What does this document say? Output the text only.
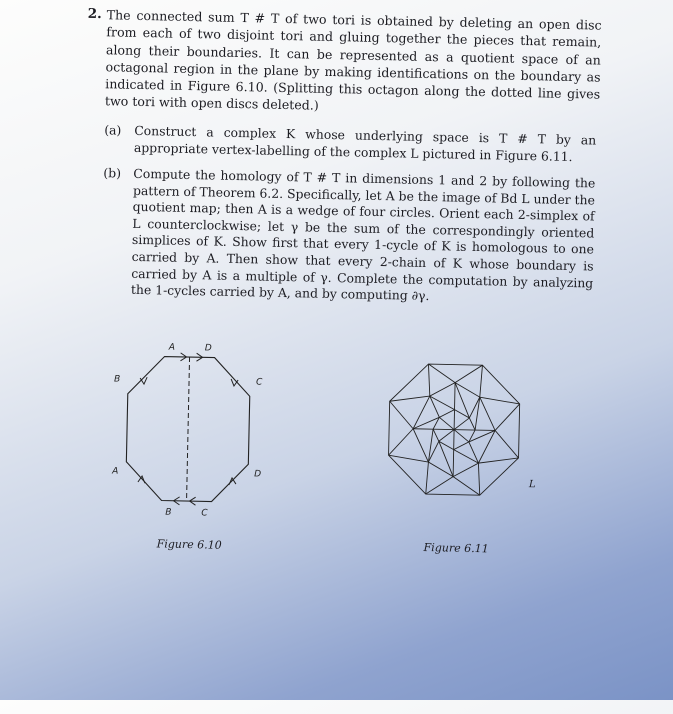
2. The connected sum T # T of two tori is obtained by deleting an open disc from each of two disjoint tori and gluing together the pieces that remain, along their boundaries. It can be represented as a quotient space of an octagonal region in the plane by making identifications on the boundary as indicated in Figure 6.10. (Splitting this octagon along the dotted line gives two tori with open discs deleted.)
(a) Construct a complex K whose underlying space is T # T by an appropriate vertex-labelling of the complex L pictured in Figure 6.11.
(b) Compute the homology of T # T in dimensions 1 and 2 by following the pattern of Theorem 6.2. Specifically, let A be the image of Bd L under the quotient map; then A is a wedge of four circles. Orient each 2-simplex of L counterclockwise; let γ be the sum of the correspondingly oriented simplices of K. Show first that every 1-cycle of K is homologous to one carried by A. Then show that every 2-chain of K whose boundary is carried by A is a multiple of γ. Complete the computation by analyzing the 1-cycles carried by A, and by computing ∂γ.
A	D
B	C
A	D
B	C
Figure 6.10
L
Figure 6.11
